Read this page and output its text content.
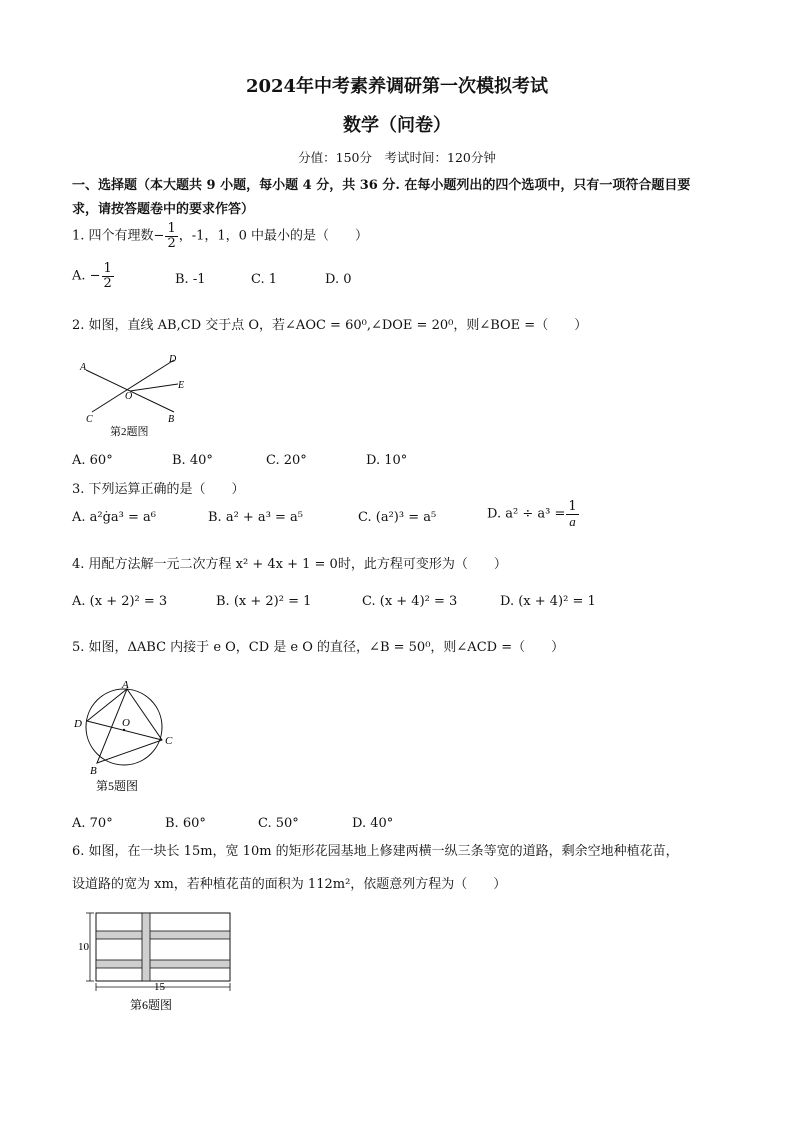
2024年中考素养调研第一次模拟考试
数学（问卷）
分值：150分　考试时间：120分钟
一、选择题（本大题共 9 小题，每小题 4 分，共 36 分. 在每小题列出的四个选项中，只有一项符合题目要
求，请按答题卷中的要求作答）
1. 四个有理数− $\frac{1}{2}$ ，-1，1，0 中最小的是（　　）
A. − $\frac{1}{2}$	B. -1	C. 1	D. 0
2. 如图，直线 AB,CD 交于点 O，若∠AOC = 60⁰,∠DOE = 20⁰，则∠BOE =（　　）
A
D
E
O
C	B
第2题图
A. 60°	B. 40°	C. 20°	D. 10°
3. 下列运算正确的是（　　）
A. a²ġa³ = a⁶	B. a² + a³ = a⁵	C. (a²)³ = a⁵	D. $a^2 \div a^3 = \frac{1}{a}$
4. 用配方法解一元二次方程 x² + 4x + 1 = 0时，此方程可变形为（　　）
A. (x + 2)² = 3	B. (x + 2)² = 1	C. (x + 4)² = 3	D. (x + 4)² = 1
5. 如图，ΔABC 内接于 e O，CD 是 e O 的直径，∠B = 50⁰，则∠ACD =（　　）
A
D	O
C
B
第5题图
A. 70°	B. 60°	C. 50°	D. 40°
6. 如图，在一块长 15m，宽 10m 的矩形花园基地上修建两横一纵三条等宽的道路，剩余空地种植花苗，
设道路的宽为 xm，若种植花苗的面积为 112m²，依题意列方程为（　　）
10
15
第6题图
